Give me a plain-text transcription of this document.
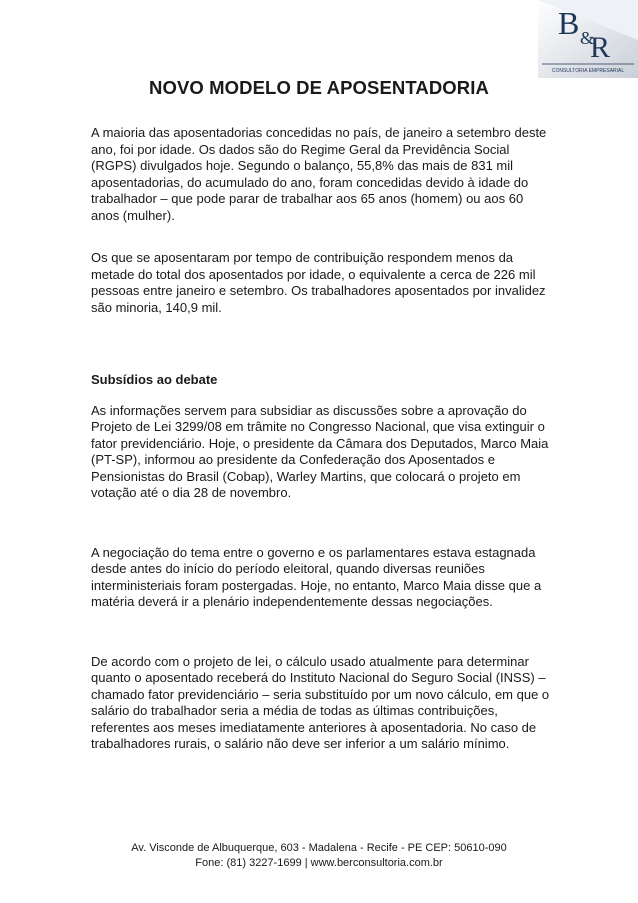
B &
R
CONSULTORIA EMPRESARIAL
NOVO MODELO DE APOSENTADORIA

A maioria das aposentadorias concedidas no país, de janeiro a setembro deste ano, foi por idade. Os dados são do Regime Geral da Previdência Social (RGPS) divulgados hoje. Segundo o balanço, 55,8% das mais de 831 mil aposentadorias, do acumulado do ano, foram concedidas devido à idade do trabalhador – que pode parar de trabalhar aos 65 anos (homem) ou aos 60 anos (mulher).

Os que se aposentaram por tempo de contribuição respondem menos da metade do total dos aposentados por idade, o equivalente a cerca de 226 mil pessoas entre janeiro e setembro. Os trabalhadores aposentados por invalidez são minoria, 140,9 mil.

Subsídios ao debate

As informações servem para subsidiar as discussões sobre a aprovação do Projeto de Lei 3299/08 em trâmite no Congresso Nacional, que visa extinguir o fator previdenciário. Hoje, o presidente da Câmara dos Deputados, Marco Maia (PT-SP), informou ao presidente da Confederação dos Aposentados e Pensionistas do Brasil (Cobap), Warley Martins, que colocará o projeto em votação até o dia 28 de novembro.

A negociação do tema entre o governo e os parlamentares estava estagnada desde antes do início do período eleitoral, quando diversas reuniões interministeriais foram postergadas. Hoje, no entanto, Marco Maia disse que a matéria deverá ir a plenário independentemente dessas negociações.

De acordo com o projeto de lei, o cálculo usado atualmente para determinar quanto o aposentado receberá do Instituto Nacional do Seguro Social (INSS) – chamado fator previdenciário – seria substituído por um novo cálculo, em que o salário do trabalhador seria a média de todas as últimas contribuições, referentes aos meses imediatamente anteriores à aposentadoria. No caso de trabalhadores rurais, o salário não deve ser inferior a um salário mínimo.

Av. Visconde de Albuquerque, 603 - Madalena - Recife - PE CEP: 50610-090
Fone: (81) 3227-1699 | www.berconsultoria.com.br
